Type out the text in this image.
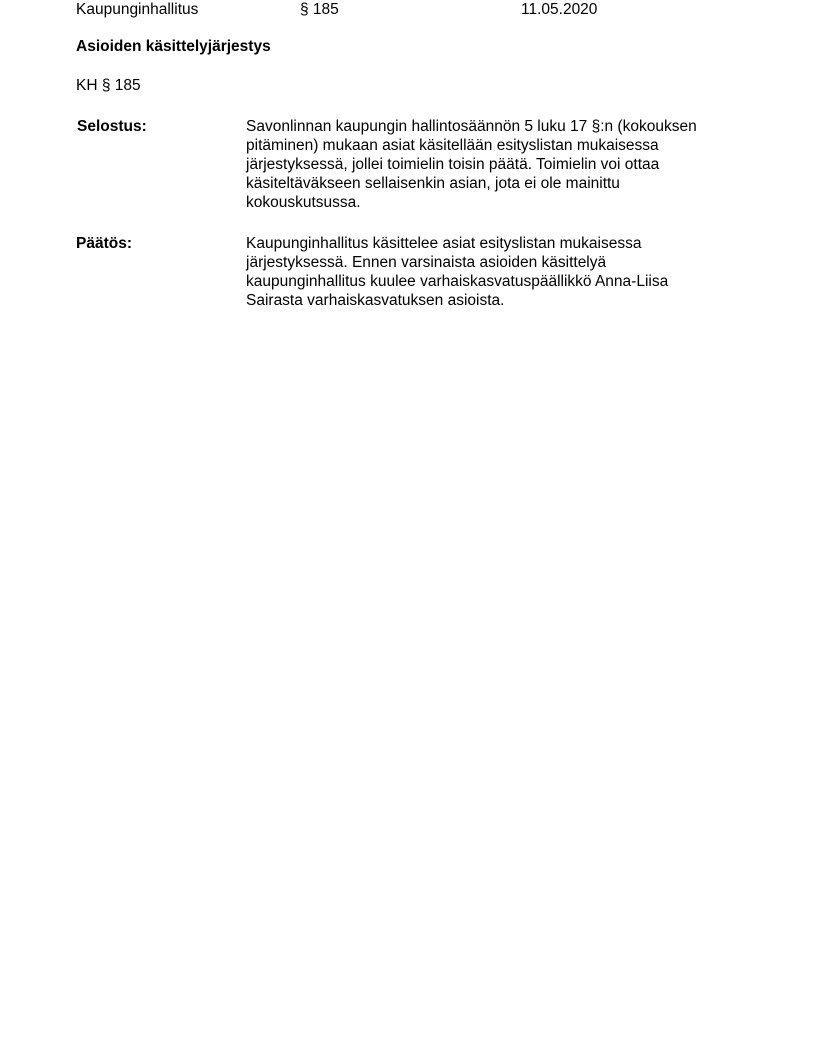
Kaupunginhallitus	§ 185	11.05.2020
Asioiden käsittelyjärjestys
KH § 185
Selostus:	Savonlinnan kaupungin hallintosäännön 5 luku 17 §:n (kokouksen
pitäminen) mukaan asiat käsitellään esityslistan mukaisessa
järjestyksessä, jollei toimielin toisin päätä. Toimielin voi ottaa
käsiteltäväkseen sellaisenkin asian, jota ei ole mainittu
kokouskutsussa.
Päätös:	Kaupunginhallitus käsittelee asiat esityslistan mukaisessa
järjestyksessä. Ennen varsinaista asioiden käsittelyä
kaupunginhallitus kuulee varhaiskasvatuspäällikkö Anna-Liisa
Sairasta varhaiskasvatuksen asioista.
